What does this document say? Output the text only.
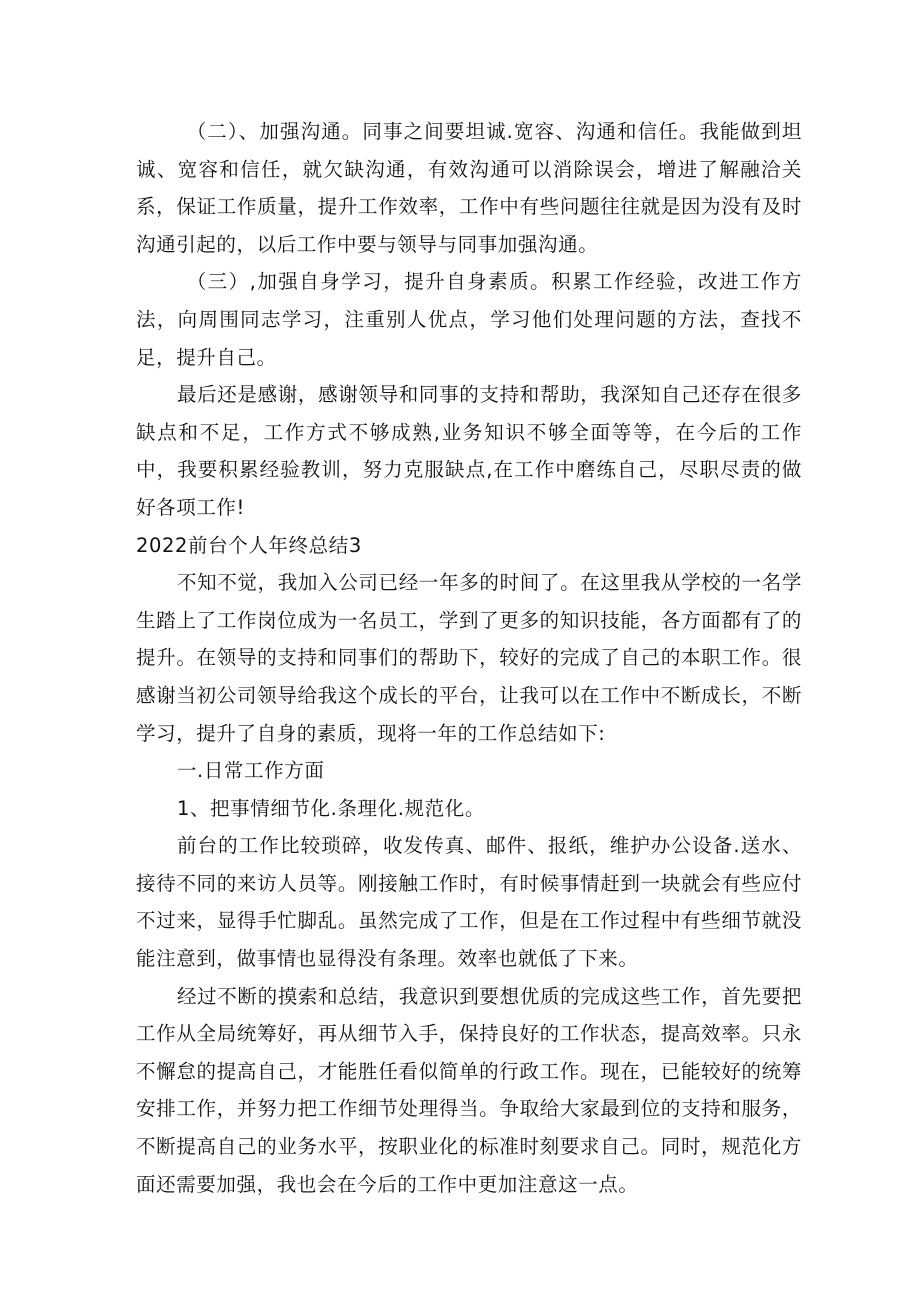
（二）、加强沟通。同事之间要坦诚.宽容、沟通和信任。我能做到坦诚、宽容和信任，就欠缺沟通，有效沟通可以消除误会，增进了解融洽关系，保证工作质量，提升工作效率，工作中有些问题往往就是因为没有及时沟通引起的，以后工作中要与领导与同事加强沟通。

（三）,加强自身学习，提升自身素质。积累工作经验，改进工作方法，向周围同志学习，注重别人优点，学习他们处理问题的方法，查找不足，提升自己。

最后还是感谢，感谢领导和同事的支持和帮助，我深知自己还存在很多缺点和不足，工作方式不够成熟,业务知识不够全面等等，在今后的工作中，我要积累经验教训，努力克服缺点,在工作中磨练自己，尽职尽责的做好各项工作!

2022前台个人年终总结3

不知不觉，我加入公司已经一年多的时间了。在这里我从学校的一名学生踏上了工作岗位成为一名员工，学到了更多的知识技能，各方面都有了的提升。在领导的支持和同事们的帮助下，较好的完成了自己的本职工作。很感谢当初公司领导给我这个成长的平台，让我可以在工作中不断成长，不断学习，提升了自身的素质，现将一年的工作总结如下:

一.日常工作方面

1、把事情细节化.条理化.规范化。

前台的工作比较琐碎，收发传真、邮件、报纸，维护办公设备.送水、接待不同的来访人员等。刚接触工作时，有时候事情赶到一块就会有些应付不过来，显得手忙脚乱。虽然完成了工作，但是在工作过程中有些细节就没能注意到，做事情也显得没有条理。效率也就低了下来。

经过不断的摸索和总结，我意识到要想优质的完成这些工作，首先要把工作从全局统筹好，再从细节入手，保持良好的工作状态，提高效率。只永不懈怠的提高自己，才能胜任看似简单的行政工作。现在，已能较好的统筹安排工作，并努力把工作细节处理得当。争取给大家最到位的支持和服务，不断提高自己的业务水平，按职业化的标准时刻要求自己。同时，规范化方面还需要加强，我也会在今后的工作中更加注意这一点。
